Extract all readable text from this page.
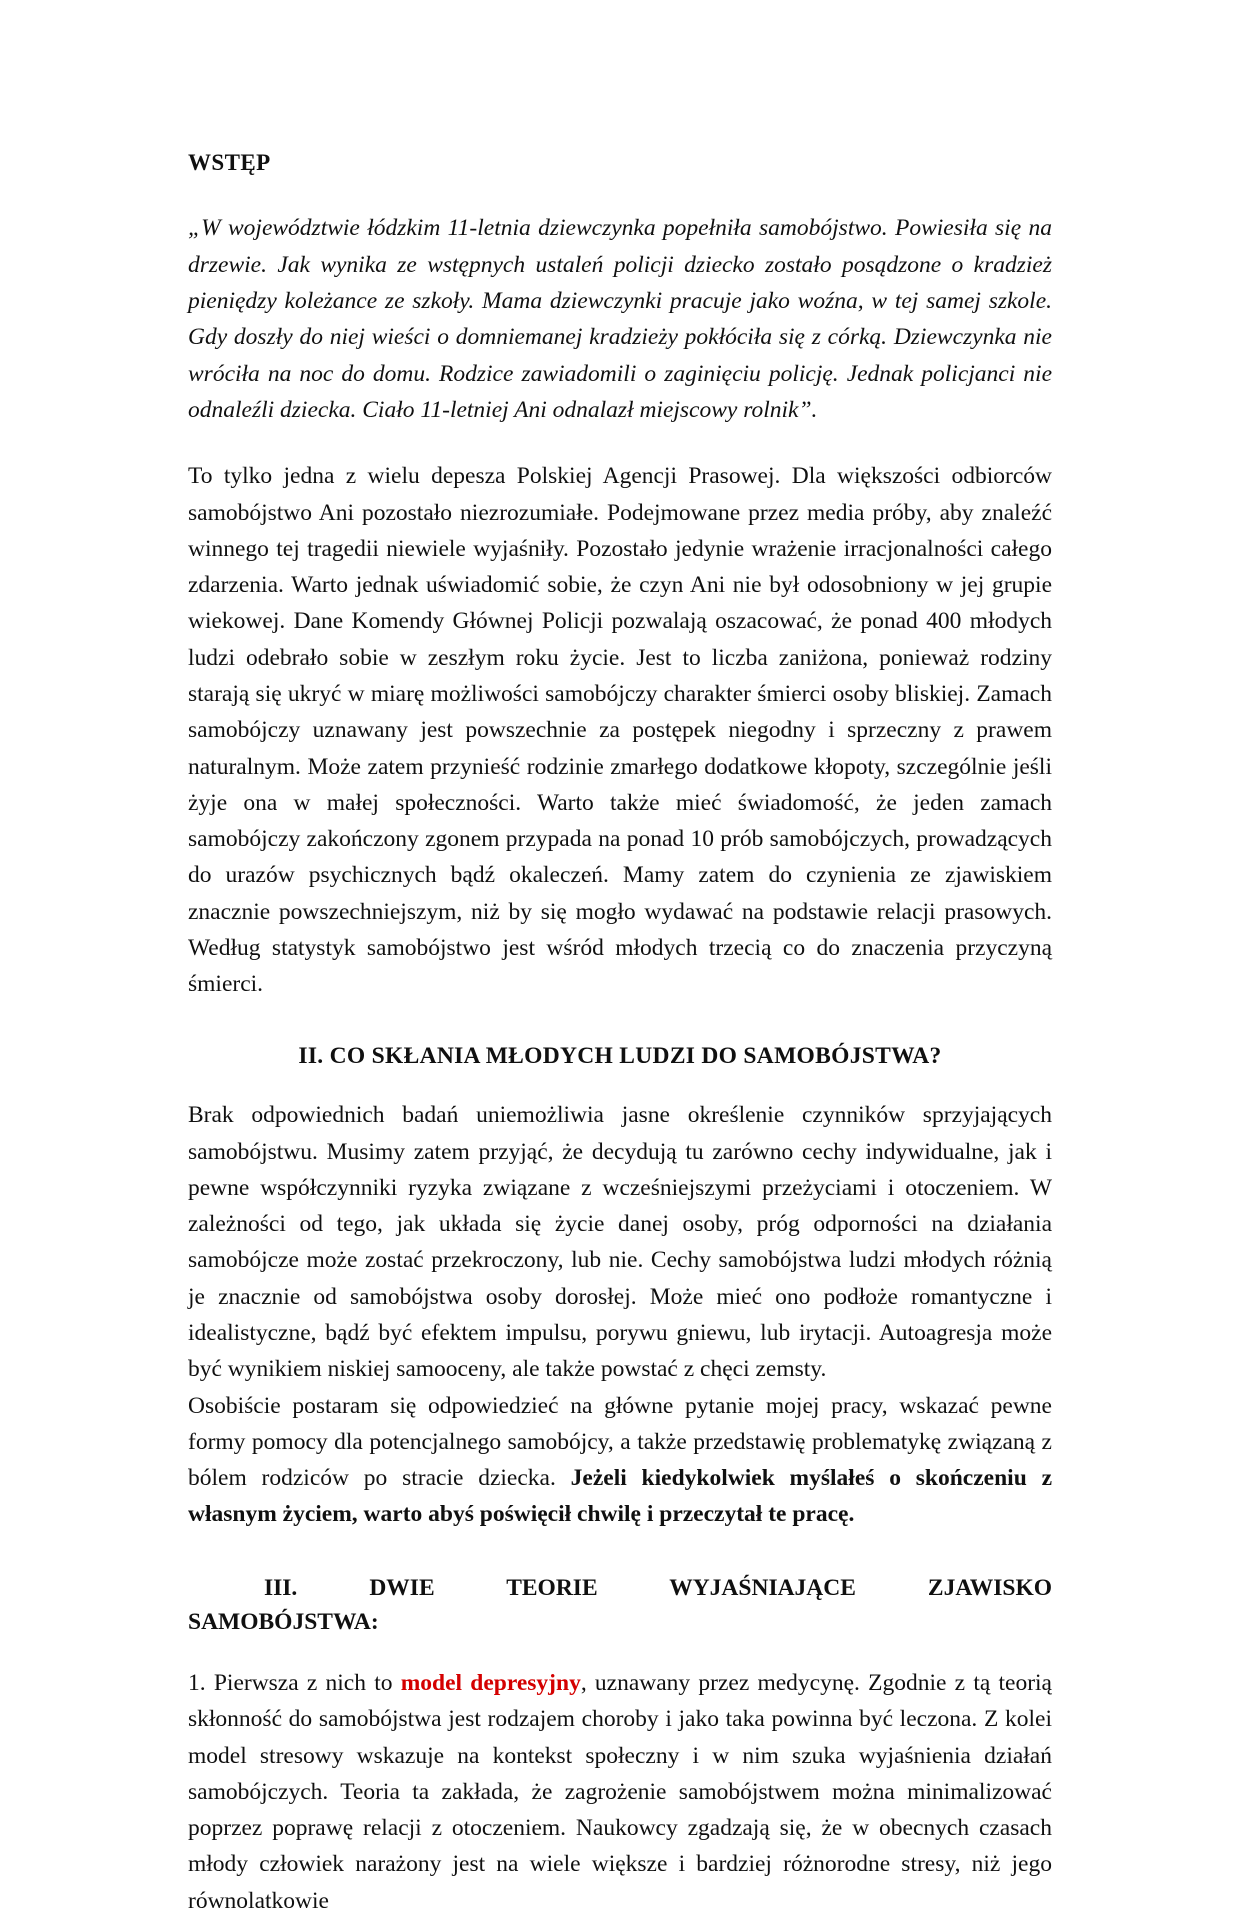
WSTĘP

„W województwie łódzkim 11-letnia dziewczynka popełniła samobójstwo. Powiesiła się na drzewie. Jak wynika ze wstępnych ustaleń policji dziecko zostało posądzone o kradzież pieniędzy koleżance ze szkoły. Mama dziewczynki pracuje jako woźna, w tej samej szkole. Gdy doszły do niej wieści o domniemanej kradzieży pokłóciła się z córką. Dziewczynka nie wróciła na noc do domu. Rodzice zawiadomili o zaginięciu policję. Jednak policjanci nie odnaleźli dziecka. Ciało 11-letniej Ani odnalazł miejscowy rolnik”.

To tylko jedna z wielu depesza Polskiej Agencji Prasowej. Dla większości odbiorców samobójstwo Ani pozostało niezrozumiałe. Podejmowane przez media próby, aby znaleźć winnego tej tragedii niewiele wyjaśniły. Pozostało jedynie wrażenie irracjonalności całego zdarzenia. Warto jednak uświadomić sobie, że czyn Ani nie był odosobniony w jej grupie wiekowej. Dane Komendy Głównej Policji pozwalają oszacować, że ponad 400 młodych ludzi odebrało sobie w zeszłym roku życie. Jest to liczba zaniżona, ponieważ rodziny starają się ukryć w miarę możliwości samobójczy charakter śmierci osoby bliskiej. Zamach samobójczy uznawany jest powszechnie za postępek niegodny i sprzeczny z prawem naturalnym. Może zatem przynieść rodzinie zmarłego dodatkowe kłopoty, szczególnie jeśli żyje ona w małej społeczności. Warto także mieć świadomość, że jeden zamach samobójczy zakończony zgonem przypada na ponad 10 prób samobójczych, prowadzących do urazów psychicznych bądź okaleczeń. Mamy zatem do czynienia ze zjawiskiem znacznie powszechniejszym, niż by się mogło wydawać na podstawie relacji prasowych. Według statystyk samobójstwo jest wśród młodych trzecią co do znaczenia przyczyną śmierci.

II. CO SKŁANIA MŁODYCH LUDZI DO SAMOBÓJSTWA?

Brak odpowiednich badań uniemożliwia jasne określenie czynników sprzyjających samobójstwu. Musimy zatem przyjąć, że decydują tu zarówno cechy indywidualne, jak i pewne współczynniki ryzyka związane z wcześniejszymi przeżyciami i otoczeniem. W zależności od tego, jak układa się życie danej osoby, próg odporności na działania samobójcze może zostać przekroczony, lub nie. Cechy samobójstwa ludzi młodych różnią je znacznie od samobójstwa osoby dorosłej. Może mieć ono podłoże romantyczne i idealistyczne, bądź być efektem impulsu, porywu gniewu, lub irytacji. Autoagresja może być wynikiem niskiej samooceny, ale także powstać z chęci zemsty.

Osobiście postaram się odpowiedzieć na główne pytanie mojej pracy, wskazać pewne formy pomocy dla potencjalnego samobójcy, a także przedstawię problematykę związaną z bólem rodziców po stracie dziecka. Jeżeli kiedykolwiek myślałeś o skończeniu z własnym życiem, warto abyś poświęcił chwilę i przeczytał te pracę.

III. DWIE TEORIE WYJAŚNIAJĄCE ZJAWISKO
SAMOBÓJSTWA:

1. Pierwsza z nich to model depresyjny, uznawany przez medycynę. Zgodnie z tą teorią skłonność do samobójstwa jest rodzajem choroby i jako taka powinna być leczona. Z kolei model stresowy wskazuje na kontekst społeczny i w nim szuka wyjaśnienia działań samobójczych. Teoria ta zakłada, że zagrożenie samobójstwem można minimalizować poprzez poprawę relacji z otoczeniem. Naukowcy zgadzają się, że w obecnych czasach młody człowiek narażony jest na wiele większe i bardziej różnorodne stresy, niż jego równolatkowie
